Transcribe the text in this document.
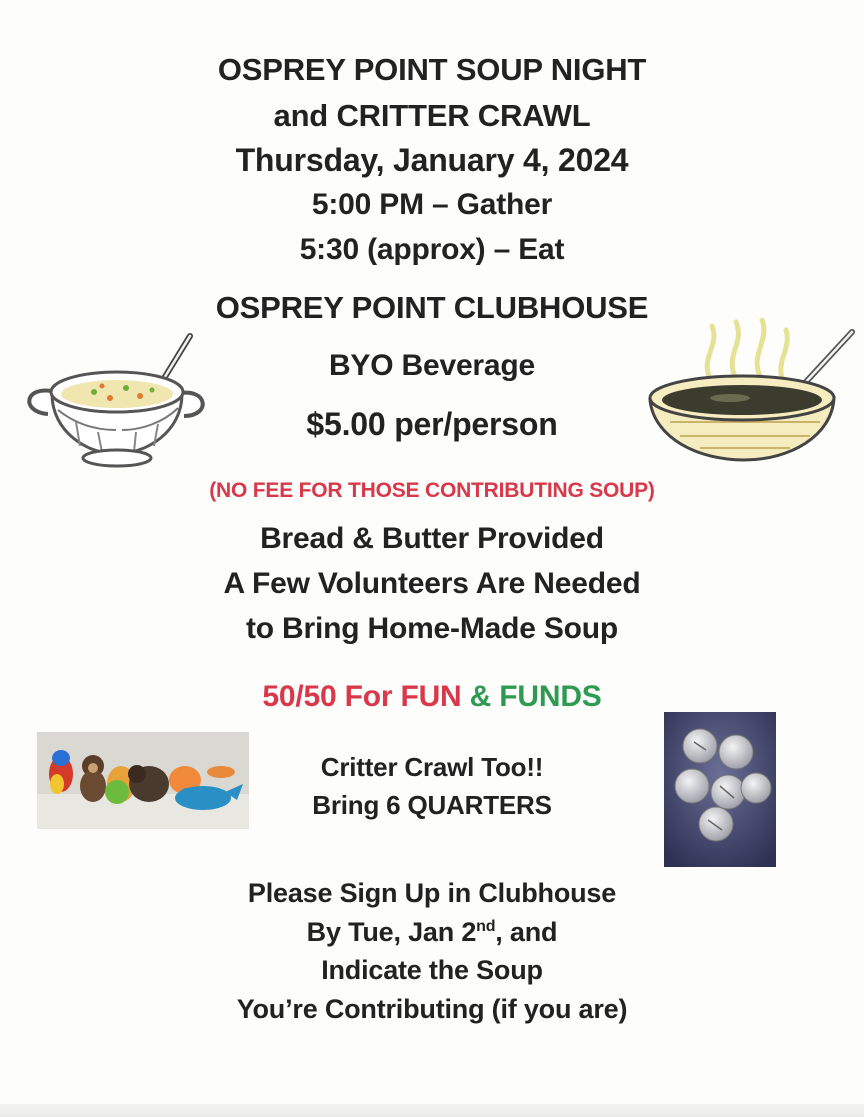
OSPREY POINT SOUP NIGHT
and CRITTER CRAWL
Thursday, January 4, 2024
5:00 PM – Gather
5:30 (approx) – Eat
OSPREY POINT CLUBHOUSE
BYO Beverage
$5.00 per/person
(NO FEE FOR THOSE CONTRIBUTING SOUP)
Bread & Butter Provided
A Few Volunteers Are Needed
to Bring Home-Made Soup
50/50 For FUN & FUNDS
Critter Crawl Too!!
Bring 6 QUARTERS
Please Sign Up in Clubhouse
By Tue, Jan 2nd, and
Indicate the Soup
You’re Contributing (if you are)
